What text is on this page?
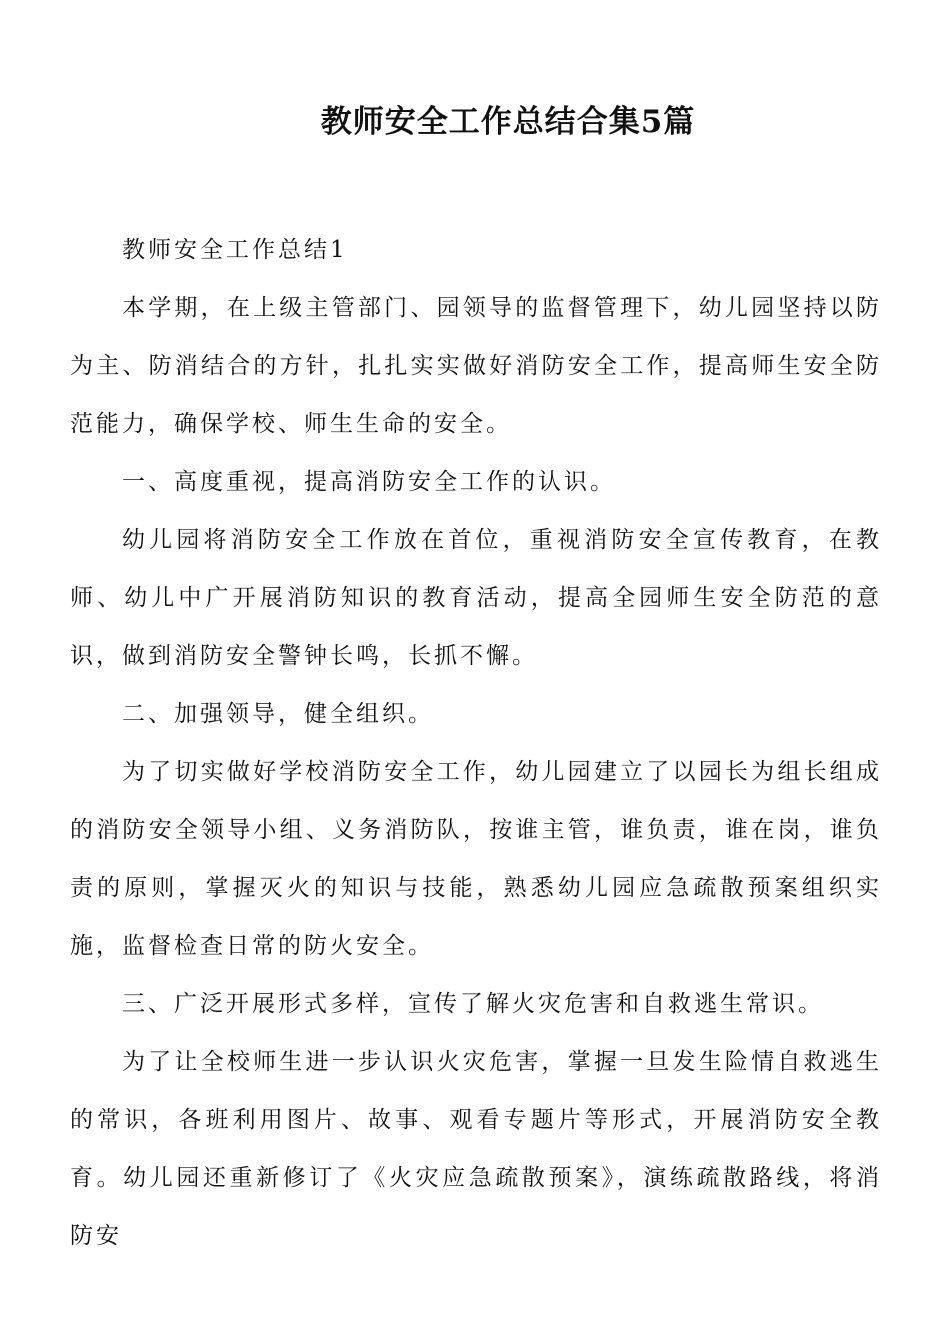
教师安全工作总结合集5篇

教师安全工作总结1

本学期，在上级主管部门、园领导的监督管理下，幼儿园坚持以防为主、防消结合的方针，扎扎实实做好消防安全工作，提高师生安全防范能力，确保学校、师生生命的安全。

一、高度重视，提高消防安全工作的认识。

幼儿园将消防安全工作放在首位，重视消防安全宣传教育，在教师、幼儿中广开展消防知识的教育活动，提高全园师生安全防范的意识，做到消防安全警钟长鸣，长抓不懈。

二、加强领导，健全组织。

为了切实做好学校消防安全工作，幼儿园建立了以园长为组长组成的消防安全领导小组、义务消防队，按谁主管，谁负责，谁在岗，谁负责的原则，掌握灭火的知识与技能，熟悉幼儿园应急疏散预案组织实施，监督检查日常的防火安全。

三、广泛开展形式多样，宣传了解火灾危害和自救逃生常识。

为了让全校师生进一步认识火灾危害，掌握一旦发生险情自救逃生的常识，各班利用图片、故事、观看专题片等形式，开展消防安全教育。幼儿园还重新修订了《火灾应急疏散预案》，演练疏散路线，将消防安
